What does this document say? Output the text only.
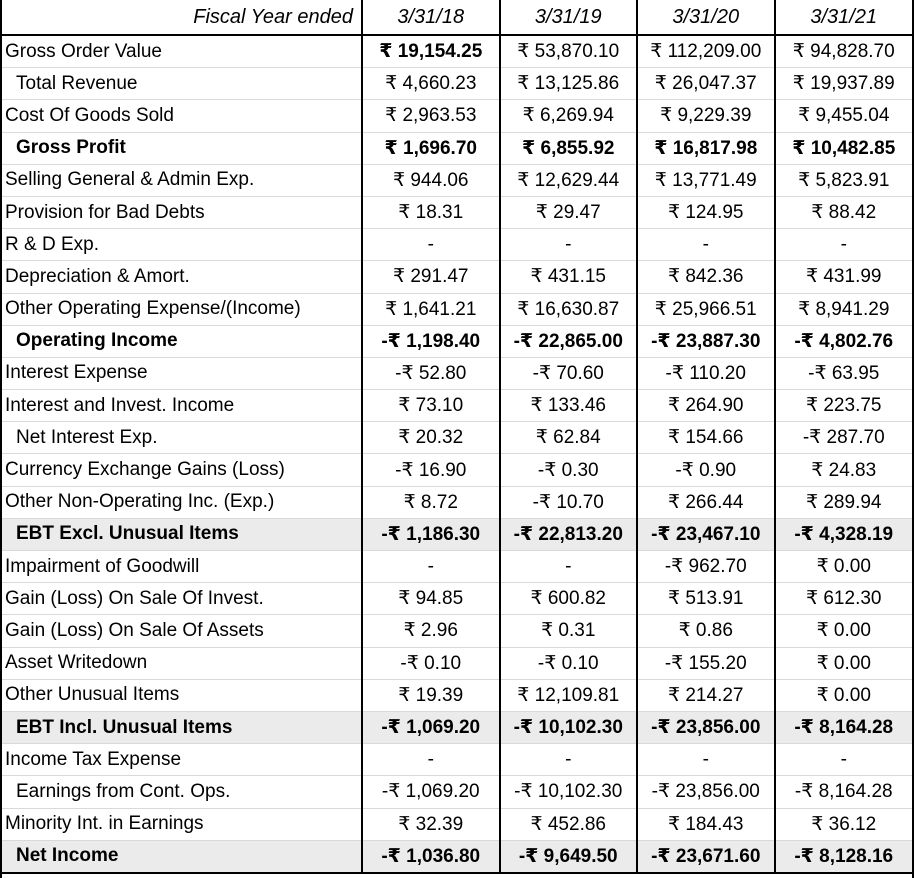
Fiscal Year ended	3/31/18	3/31/19	3/31/20	3/31/21
Gross Order Value	₹ 19,154.25	₹ 53,870.10	₹ 112,209.00	₹ 94,828.70
Total Revenue	₹ 4,660.23	₹ 13,125.86	₹ 26,047.37	₹ 19,937.89
Cost Of Goods Sold	₹ 2,963.53	₹ 6,269.94	₹ 9,229.39	₹ 9,455.04
Gross Profit	₹ 1,696.70	₹ 6,855.92	₹ 16,817.98	₹ 10,482.85
Selling General & Admin Exp.	₹ 944.06	₹ 12,629.44	₹ 13,771.49	₹ 5,823.91
Provision for Bad Debts	₹ 18.31	₹ 29.47	₹ 124.95	₹ 88.42
R & D Exp.	-	-	-	-
Depreciation & Amort.	₹ 291.47	₹ 431.15	₹ 842.36	₹ 431.99
Other Operating Expense/(Income)	₹ 1,641.21	₹ 16,630.87	₹ 25,966.51	₹ 8,941.29
Operating Income	-₹ 1,198.40	-₹ 22,865.00	-₹ 23,887.30	-₹ 4,802.76
Interest Expense	-₹ 52.80	-₹ 70.60	-₹ 110.20	-₹ 63.95
Interest and Invest. Income	₹ 73.10	₹ 133.46	₹ 264.90	₹ 223.75
Net Interest Exp.	₹ 20.32	₹ 62.84	₹ 154.66	-₹ 287.70
Currency Exchange Gains (Loss)	-₹ 16.90	-₹ 0.30	-₹ 0.90	₹ 24.83
Other Non-Operating Inc. (Exp.)	₹ 8.72	-₹ 10.70	₹ 266.44	₹ 289.94
EBT Excl. Unusual Items	-₹ 1,186.30	-₹ 22,813.20	-₹ 23,467.10	-₹ 4,328.19
Impairment of Goodwill	-	-	-₹ 962.70	₹ 0.00
Gain (Loss) On Sale Of Invest.	₹ 94.85	₹ 600.82	₹ 513.91	₹ 612.30
Gain (Loss) On Sale Of Assets	₹ 2.96	₹ 0.31	₹ 0.86	₹ 0.00
Asset Writedown	-₹ 0.10	-₹ 0.10	-₹ 155.20	₹ 0.00
Other Unusual Items	₹ 19.39	₹ 12,109.81	₹ 214.27	₹ 0.00
EBT Incl. Unusual Items	-₹ 1,069.20	-₹ 10,102.30	-₹ 23,856.00	-₹ 8,164.28
Income Tax Expense	-	-	-	-
Earnings from Cont. Ops.	-₹ 1,069.20	-₹ 10,102.30	-₹ 23,856.00	-₹ 8,164.28
Minority Int. in Earnings	₹ 32.39	₹ 452.86	₹ 184.43	₹ 36.12
Net Income	-₹ 1,036.80	-₹ 9,649.50	-₹ 23,671.60	-₹ 8,128.16
